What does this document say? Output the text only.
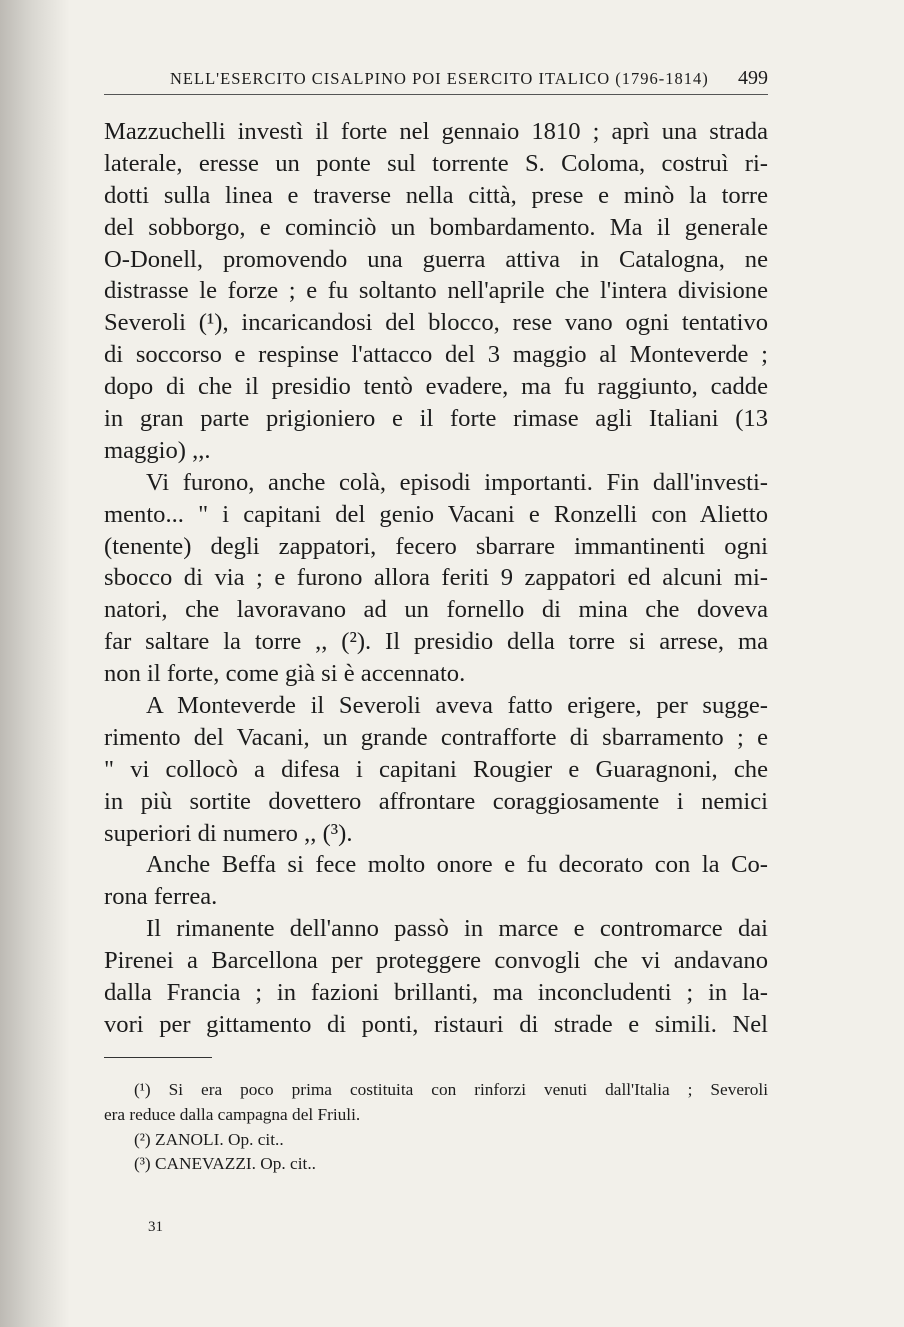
NELL'ESERCITO CISALPINO POI ESERCITO ITALICO (1796-1814) 499
Mazzuchelli investì il forte nel gennaio 1810 ; aprì una strada
laterale, eresse un ponte sul torrente S. Coloma, costruì ri-
dotti sulla linea e traverse nella città, prese e minò la torre
del sobborgo, e cominciò un bombardamento. Ma il generale
O-Donell, promovendo una guerra attiva in Catalogna, ne
distrasse le forze ; e fu soltanto nell'aprile che l'intera divisione
Severoli (¹), incaricandosi del blocco, rese vano ogni tentativo
di soccorso e respinse l'attacco del 3 maggio al Monteverde ;
dopo di che il presidio tentò evadere, ma fu raggiunto, cadde
in gran parte prigioniero e il forte rimase agli Italiani (13
maggio) ,,.
Vi furono, anche colà, episodi importanti. Fin dall'investi-
mento... " i capitani del genio Vacani e Ronzelli con Alietto
(tenente) degli zappatori, fecero sbarrare immantinenti ogni
sbocco di via ; e furono allora feriti 9 zappatori ed alcuni mi-
natori, che lavoravano ad un fornello di mina che doveva
far saltare la torre ,, (²). Il presidio della torre si arrese, ma
non il forte, come già si è accennato.
A Monteverde il Severoli aveva fatto erigere, per sugge-
rimento del Vacani, un grande contrafforte di sbarramento ; e
" vi collocò a difesa i capitani Rougier e Guaragnoni, che
in più sortite dovettero affrontare coraggiosamente i nemici
superiori di numero ,, (³).
Anche Beffa si fece molto onore e fu decorato con la Co-
rona ferrea.
Il rimanente dell'anno passò in marce e contromarce dai
Pirenei a Barcellona per proteggere convogli che vi andavano
dalla Francia ; in fazioni brillanti, ma inconcludenti ; in la-
vori per gittamento di ponti, ristauri di strade e simili. Nel
(¹) Si era poco prima costituita con rinforzi venuti dall'Italia ; Severoli
era reduce dalla campagna del Friuli.
(²) ZANOLI. Op. cit..
(³) CANEVAZZI. Op. cit..
31
